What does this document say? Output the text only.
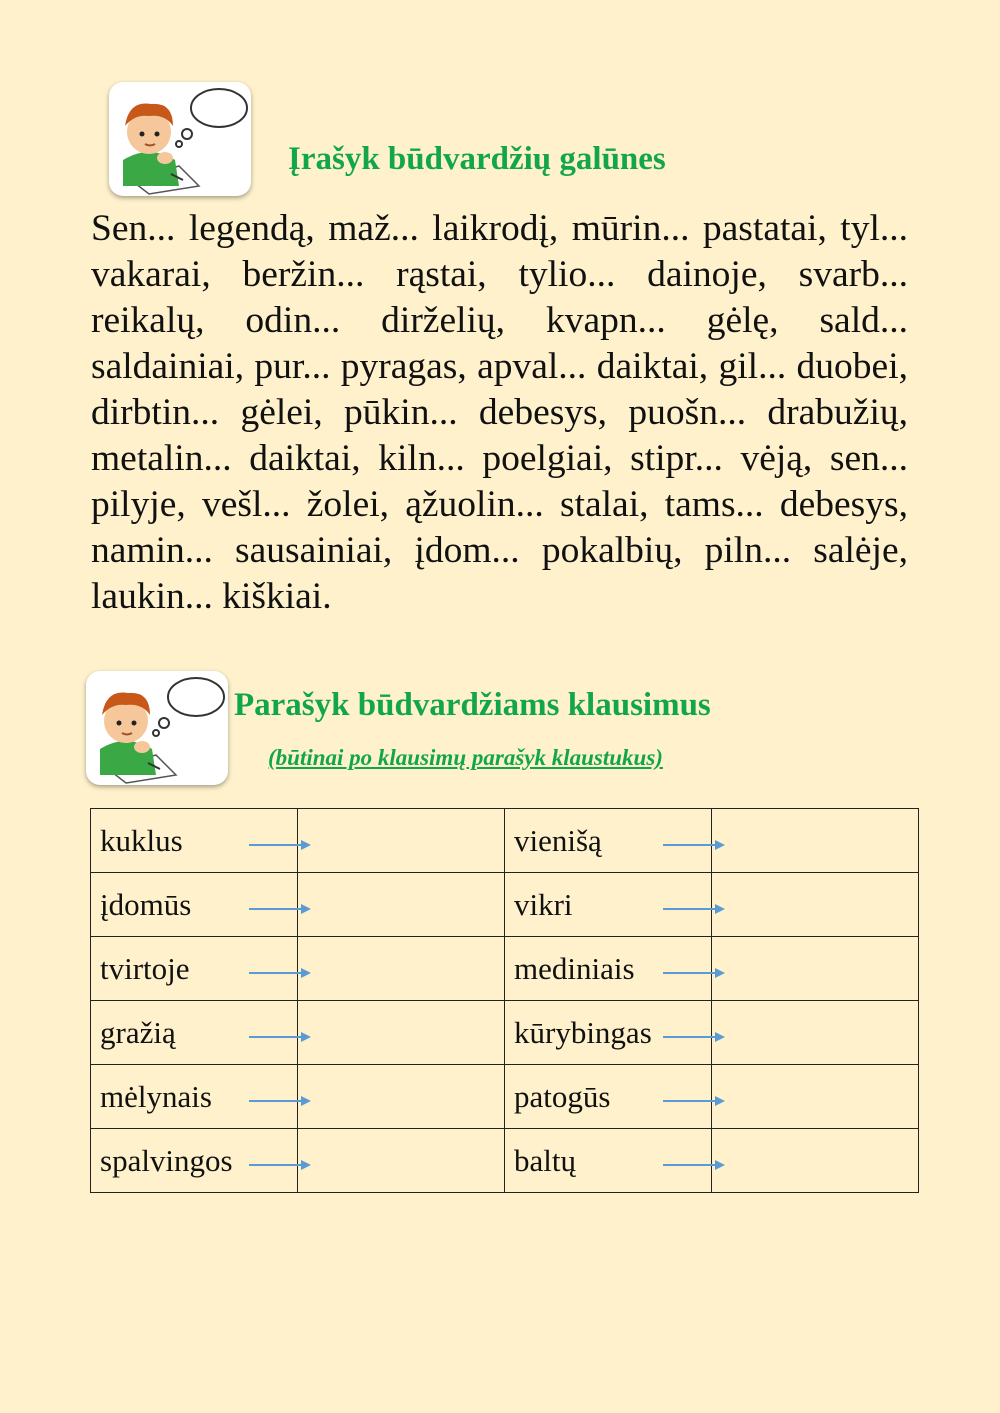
Įrašyk būdvardžių galūnes

Sen... legendą, maž... laikrodį, mūrin... pastatai, tyl... vakarai, beržin... rąstai, tylio... dainoje, svarb... reikalų, odin... dirželių, kvapn... gėlę, sald... saldainiai, pur... pyragas, apval... daiktai, gil... duobei, dirbtin... gėlei, pūkin... debesys, puošn... drabužių, metalin... daiktai, kiln... poelgiai, stipr... vėją, sen... pilyje, vešl... žolei, ąžuolin... stalai, tams... debesys, namin... sausainiai, įdom... pokalbių, piln... salėje, laukin... kiškiai.

Parašyk būdvardžiams klausimus
(būtinai po klausimų parašyk klaustukus)
kuklus		vienišą

įdomūs		vikri

tvirtoje		mediniais

gražią		kūrybingas

mėlynais		patogūs

spalvingos		baltų
